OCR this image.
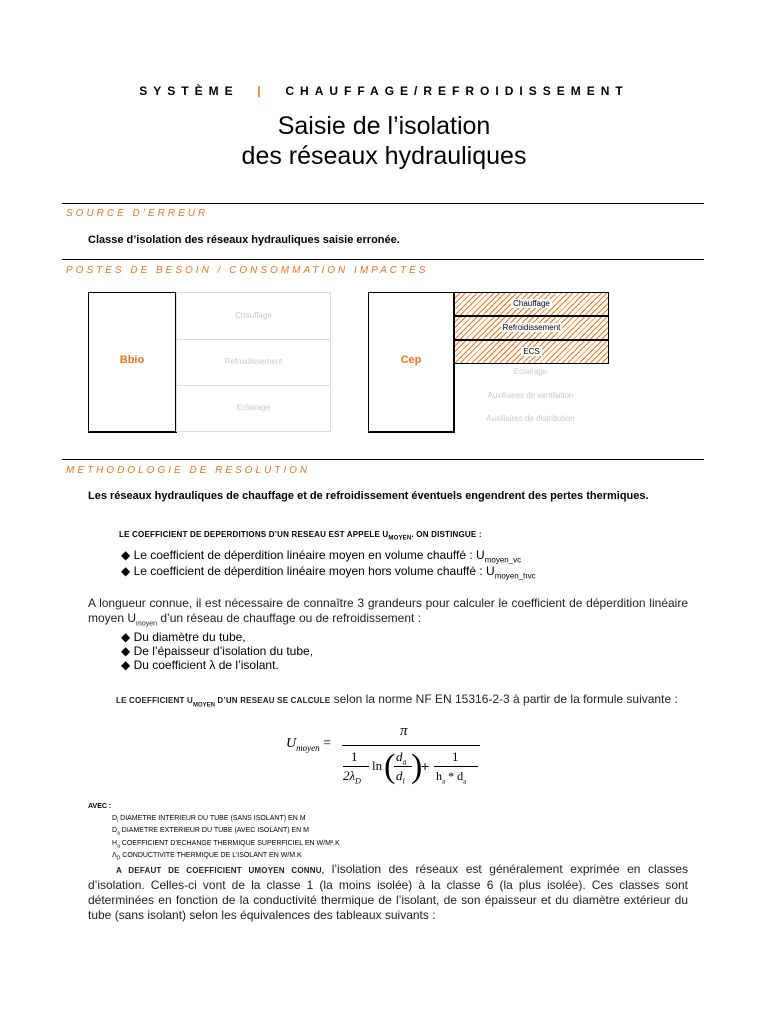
SYSTÈME | CHAUFFAGE/REFROIDISSEMENT
Saisie de l’isolation
des réseaux hydrauliques
SOURCE D’ERREUR
Classe d’isolation des réseaux hydrauliques saisie erronée.
POSTES DE BESOIN / CONSOMMATION IMPACTES
Bbio
Chauffage
Refroidissement
Eclairage
Cep
Chauffage
Refroidissement
ECS
Eclairage
Auxiliaires de ventilation
Auxiliaires de distribution
METHODOLOGIE DE RESOLUTION
Les réseaux hydrauliques de chauffage et de refroidissement éventuels engendrent des pertes thermiques.
LE COEFFICIENT DE DEPERDITIONS D’UN RESEAU EST APPELE $U_{MOYEN}$. ON DISTINGUE :
◆ Le coefficient de déperdition linéaire moyen en volume chauffé : $U_{moyen\_vc}$
◆ Le coefficient de déperdition linéaire moyen hors volume chauffé : $U_{moyen\_hvc}$
A longueur connue, il est nécessaire de connaître 3 grandeurs pour calculer le coefficient de déperdition linéaire moyen $U_{moyen}$ d’un réseau de chauffage ou de refroidissement :
◆ Du diamètre du tube,
◆ De l’épaisseur d’isolation du tube,
◆ Du coefficient λ de l’isolant.
LE COEFFICIENT $U_{MOYEN}$ D’UN RESEAU SE CALCULE selon la norme NF EN 15316-2-3 à partir de la formule suivante :
$U_{moyen}$ =
π
1
$2\lambda_D$
ln ( $d_a$
$d_i$ )
+
1
$h_a * d_a$
AVEC :
$D_i$ DIAMETRE INTERIEUR DU TUBE (SANS ISOLANT) EN M
$D_a$ DIAMETRE EXTERIEUR DU TUBE (AVEC ISOLANT) EN M
$H_a$ COEFFICIENT D’ECHANGE THERMIQUE SUPERFICIEL EN W/M².K
$\Lambda_D$ CONDUCTIVITE THERMIQUE DE L’ISOLANT EN W/M.K
A DEFAUT DE COEFFICIENT UMOYEN CONNU, l’isolation des réseaux est généralement exprimée en classes d’isolation. Celles-ci vont de la classe 1 (la moins isolée) à la classe 6 (la plus isolée). Ces classes sont déterminées en fonction de la conductivité thermique de l’isolant, de son épaisseur et du diamètre extérieur du tube (sans isolant) selon les équivalences des tableaux suivants :
